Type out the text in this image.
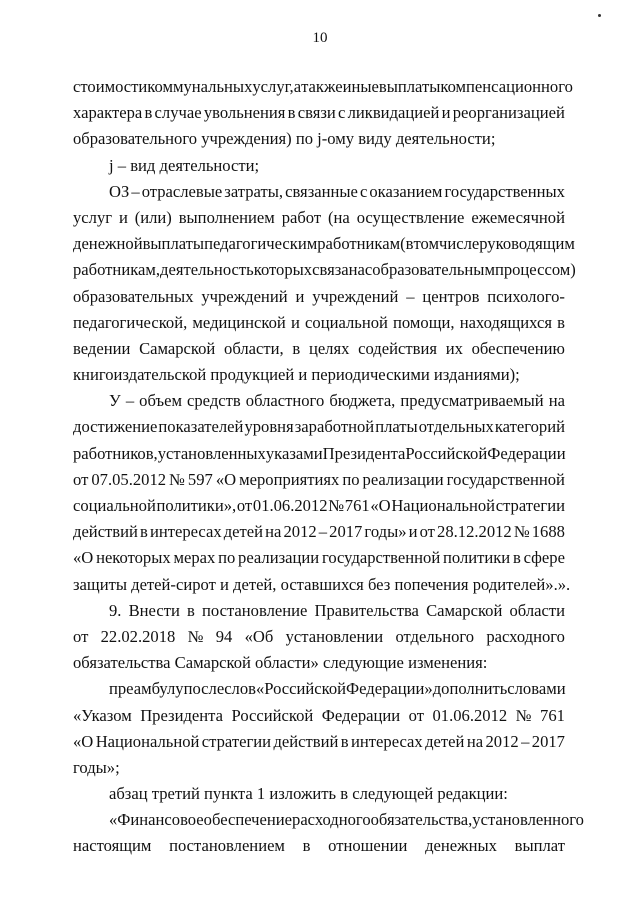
10
стоимости коммунальных услуг, а также иные выплаты компенсационного
характера в случае увольнения в связи с ликвидацией и реорганизацией
образовательного учреждения) по j-ому виду деятельности;
j – вид деятельности;
ОЗ – отраслевые затраты, связанные с оказанием государственных
услуг и (или) выполнением работ (на осуществление ежемесячной
денежной выплаты педагогическим работникам (в том числе руководящим
работникам, деятельность которых связана с образовательным процессом)
образовательных учреждений и учреждений – центров психолого-
педагогической, медицинской и социальной помощи, находящихся в
ведении Самарской области, в целях содействия их обеспечению
книгоиздательской продукцией и периодическими изданиями);
У – объем средств областного бюджета, предусматриваемый на
достижение показателей уровня заработной платы отдельных категорий
работников, установленных указами Президента Российской Федерации
от 07.05.2012 № 597 «О мероприятиях по реализации государственной
социальной политики», от 01.06.2012 № 761 «О Национальной стратегии
действий в интересах детей на 2012 – 2017 годы» и от 28.12.2012 № 1688
«О некоторых мерах по реализации государственной политики в сфере
защиты детей-сирот и детей, оставшихся без попечения родителей».».
9. Внести в постановление Правительства Самарской области
от 22.02.2018 № 94 «Об установлении отдельного расходного
обязательства Самарской области» следующие изменения:
преамбулу после слов «Российской Федерации» дополнить словами
«Указом Президента Российской Федерации от 01.06.2012 № 761
«О Национальной стратегии действий в интересах детей на 2012 – 2017
годы»;
абзац третий пункта 1 изложить в следующей редакции:
«Финансовое обеспечение расходного обязательства, установленного
настоящим постановлением в отношении денежных выплат
